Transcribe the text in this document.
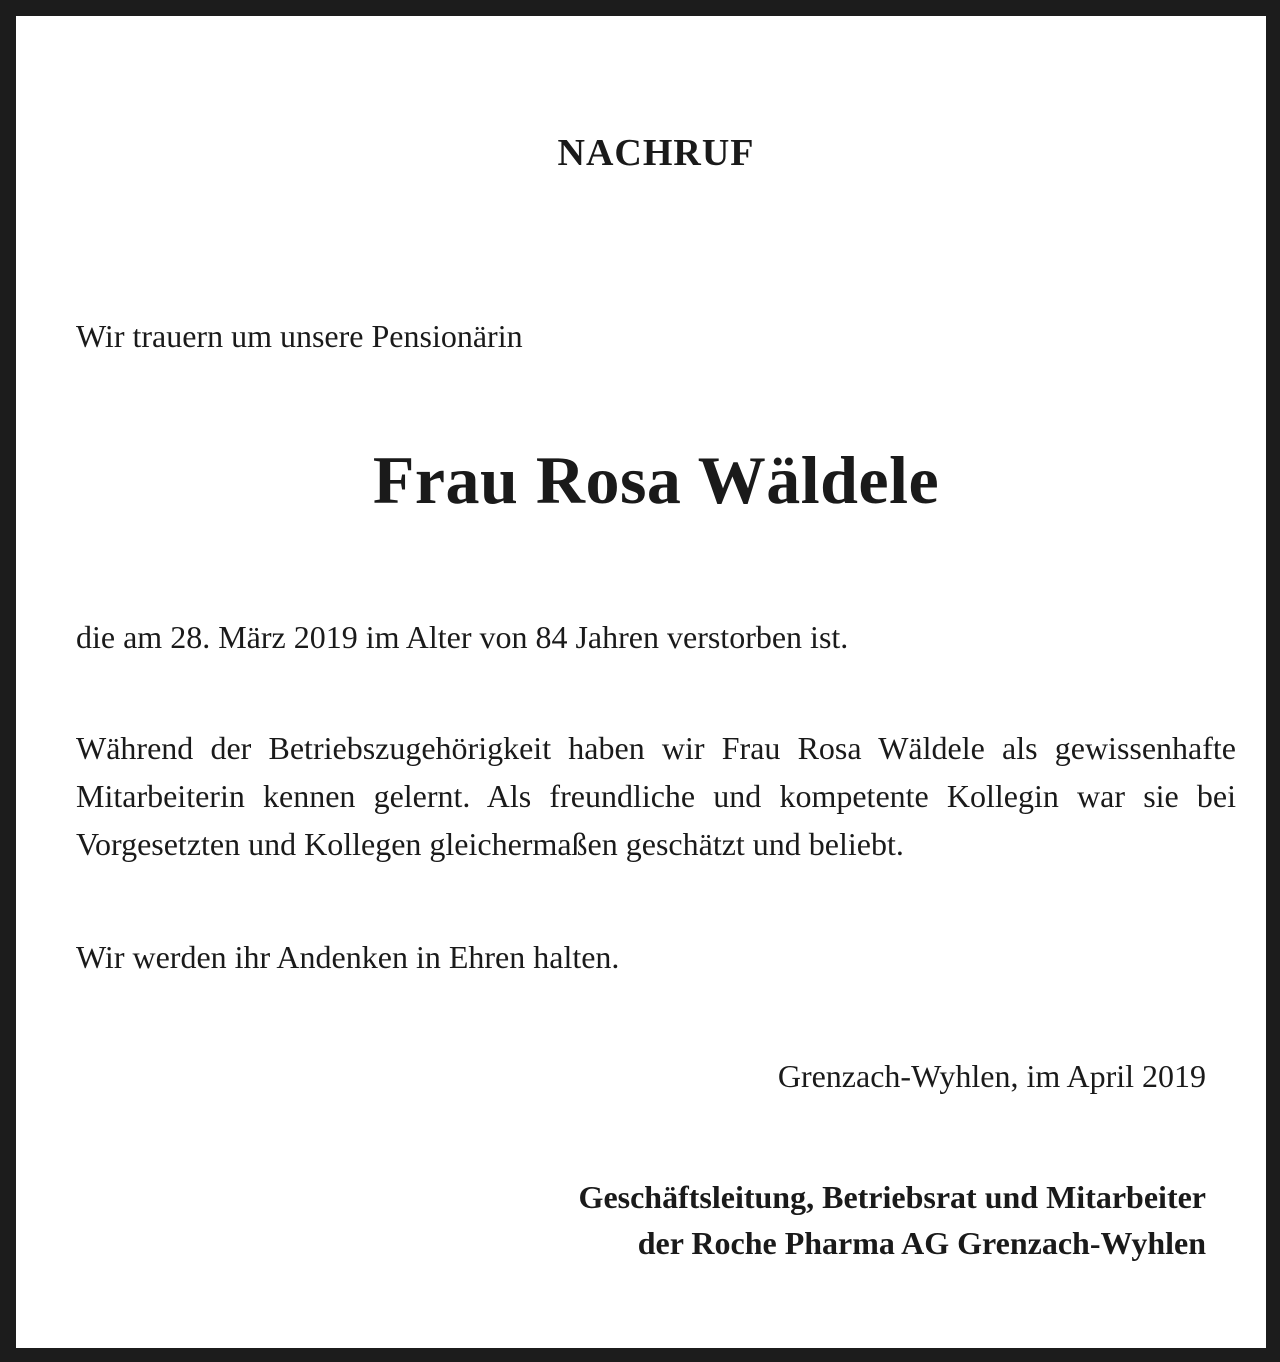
NACHRUF
Wir trauern um unsere Pensionärin
Frau Rosa Wäldele
die am 28. März 2019 im Alter von 84 Jahren verstorben ist.
Während der Betriebszugehörigkeit haben wir Frau Rosa Wäldele als gewissenhafte Mitarbeiterin kennen gelernt. Als freundliche und kompetente Kollegin war sie bei Vorgesetzten und Kollegen gleichermaßen geschätzt und beliebt.
Wir werden ihr Andenken in Ehren halten.
Grenzach-Wyhlen, im April 2019
Geschäftsleitung, Betriebsrat und Mitarbeiter
der Roche Pharma AG Grenzach-Wyhlen
